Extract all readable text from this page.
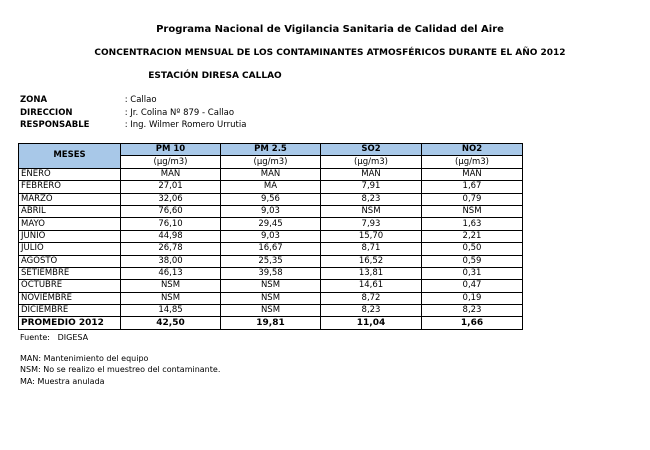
Programa Nacional de Vigilancia Sanitaria de Calidad del Aire
CONCENTRACION MENSUAL DE LOS CONTAMINANTES ATMOSFÉRICOS DURANTE EL AÑO 2012
ESTACIÓN DIRESA CALLAO
ZONA	: Callao
DIRECCION	: Jr. Colina Nº 879 - Callao
RESPONSABLE	: Ing. Wilmer Romero Urrutia
MESES	PM 10	PM 2.5	SO2	NO2
	(μg/m3)	(μg/m3)	(μg/m3)	(μg/m3)
ENERO	MAN	MAN	MAN	MAN
FEBRERO	27,01	MA	7,91	1,67
MARZO	32,06	9,56	8,23	0,79
ABRIL	76,60	9,03	NSM	NSM
MAYO	76,10	29,45	7,93	1,63
JUNIO	44,98	9,03	15,70	2,21
JULIO	26,78	16,67	8,71	0,50
AGOSTO	38,00	25,35	16,52	0,59
SETIEMBRE	46,13	39,58	13,81	0,31
OCTUBRE	NSM	NSM	14,61	0,47
NOVIEMBRE	NSM	NSM	8,72	0,19
DICIEMBRE	14,85	NSM	8,23	8,23
PROMEDIO 2012	42,50	19,81	11,04	1,66
Fuente: DIGESA
MAN: Mantenimiento del equipo
NSM: No se realizo el muestreo del contaminante.
MA: Muestra anulada
